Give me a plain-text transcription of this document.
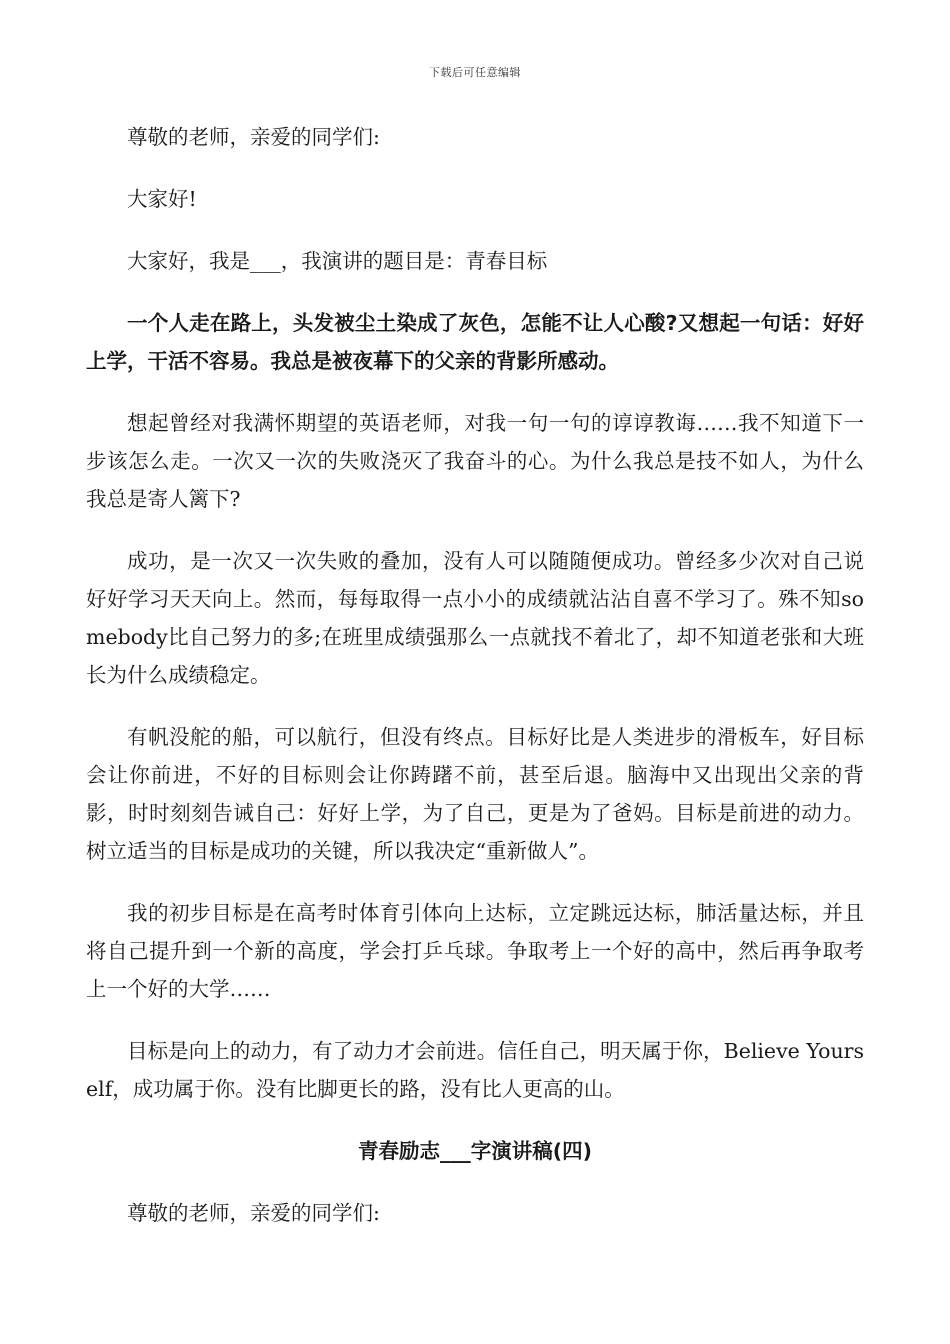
下载后可任意编辑

尊敬的老师，亲爱的同学们:

大家好!

大家好，我是___，我演讲的题目是：青春目标

一个人走在路上，头发被尘土染成了灰色，怎能不让人心酸?又想起一句话：好好上学，干活不容易。我总是被夜幕下的父亲的背影所感动。

想起曾经对我满怀期望的英语老师，对我一句一句的谆谆教诲……我不知道下一步该怎么走。一次又一次的失败浇灭了我奋斗的心。为什么我总是技不如人，为什么我总是寄人篱下?

成功，是一次又一次失败的叠加，没有人可以随随便成功。曾经多少次对自己说好好学习天天向上。然而，每每取得一点小小的成绩就沾沾自喜不学习了。殊不知somebody比自己努力的多;在班里成绩强那么一点就找不着北了，却不知道老张和大班长为什么成绩稳定。

有帆没舵的船，可以航行，但没有终点。目标好比是人类进步的滑板车，好目标会让你前进，不好的目标则会让你踌躇不前，甚至后退。脑海中又出现出父亲的背影，时时刻刻告诫自己：好好上学，为了自己，更是为了爸妈。目标是前进的动力。树立适当的目标是成功的关键，所以我决定“重新做人”。

我的初步目标是在高考时体育引体向上达标，立定跳远达标，肺活量达标，并且将自己提升到一个新的高度，学会打乒乓球。争取考上一个好的高中，然后再争取考上一个好的大学……

目标是向上的动力，有了动力才会前进。信任自己，明天属于你，Believe Yourself，成功属于你。没有比脚更长的路，没有比人更高的山。

青春励志___字演讲稿(四)

尊敬的老师，亲爱的同学们:
